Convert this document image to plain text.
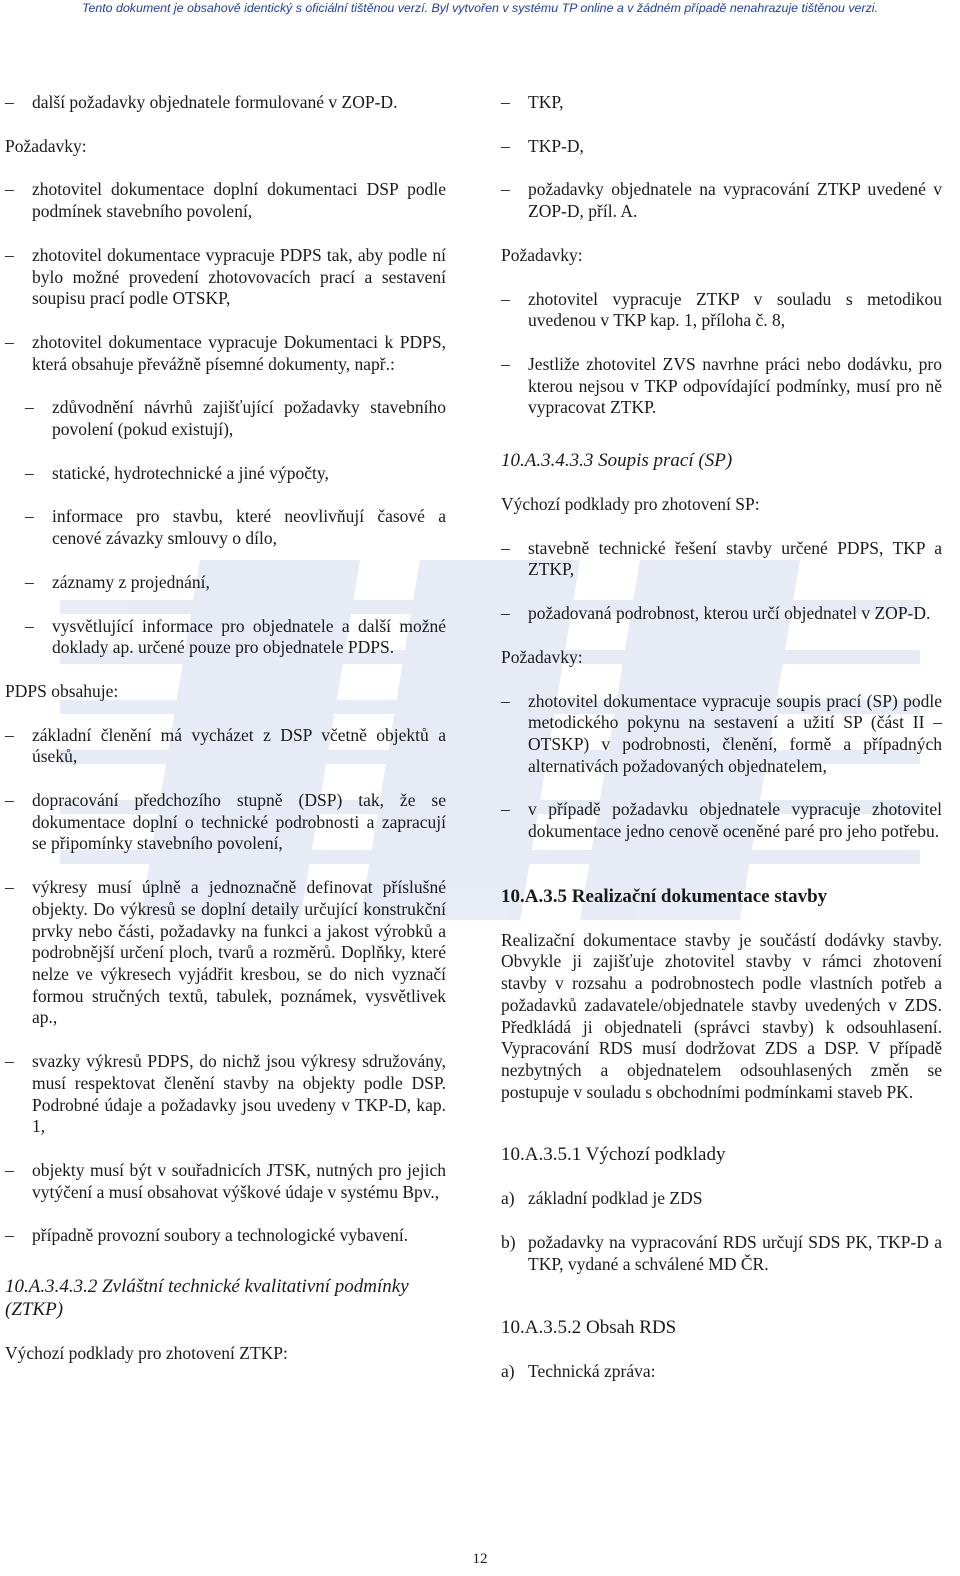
Tento dokument je obsahově identický s oficiální tištěnou verzí. Byl vytvořen v systému TP online a v žádném případě nenahrazuje tištěnou verzi.
– další požadavky objednatele formulované v ZOP-D.
Požadavky:
– zhotovitel dokumentace doplní dokumentaci DSP podle podmínek stavebního povolení,
– zhotovitel dokumentace vypracuje PDPS tak, aby podle ní bylo možné provedení zhotovovacích prací a sestavení soupisu prací podle OTSKP,
– zhotovitel dokumentace vypracuje Dokumentaci k PDPS, která obsahuje převážně písemné dokumenty, např.:
– zdůvodnění návrhů zajišťující požadavky stavebního povolení (pokud existují),
– statické, hydrotechnické a jiné výpočty,
– informace pro stavbu, které neovlivňují časové a cenové závazky smlouvy o dílo,
– záznamy z projednání,
– vysvětlující informace pro objednatele a další možné doklady ap. určené pouze pro objednatele PDPS.
PDPS obsahuje:
– základní členění má vycházet z DSP včetně objektů a úseků,
– dopracování předchozího stupně (DSP) tak, že se dokumentace doplní o technické podrobnosti a zapracují se připomínky stavebního povolení,
– výkresy musí úplně a jednoznačně definovat příslušné objekty. Do výkresů se doplní detaily určující konstrukční prvky nebo části, požadavky na funkci a jakost výrobků a podrobnější určení ploch, tvarů a rozměrů. Doplňky, které nelze ve výkresech vyjádřit kresbou, se do nich vyznačí formou stručných textů, tabulek, poznámek, vysvětlivek ap.,
– svazky výkresů PDPS, do nichž jsou výkresy sdružovány, musí respektovat členění stavby na objekty podle DSP. Podrobné údaje a požadavky jsou uvedeny v TKP-D, kap. 1,
– objekty musí být v souřadnicích JTSK, nutných pro jejich vytýčení a musí obsahovat výškové údaje v systému Bpv.,
– případně provozní soubory a technologické vybavení.
10.A.3.4.3.2 Zvláštní technické kvalitativní podmínky (ZTKP)
Výchozí podklady pro zhotovení ZTKP:
– TKP,
– TKP-D,
– požadavky objednatele na vypracování ZTKP uvedené v ZOP-D, příl. A.
Požadavky:
– zhotovitel vypracuje ZTKP v souladu s metodikou uvedenou v TKP kap. 1, příloha č. 8,
– Jestliže zhotovitel ZVS navrhne práci nebo dodávku, pro kterou nejsou v TKP odpovídající podmínky, musí pro ně vypracovat ZTKP.
10.A.3.4.3.3 Soupis prací (SP)
Výchozí podklady pro zhotovení SP:
– stavebně technické řešení stavby určené PDPS, TKP a ZTKP,
– požadovaná podrobnost, kterou určí objednatel v ZOP-D.
Požadavky:
– zhotovitel dokumentace vypracuje soupis prací (SP) podle metodického pokynu na sestavení a užití SP (část II – OTSKP) v podrobnosti, členění, formě a případných alternativách požadovaných objednatelem,
– v případě požadavku objednatele vypracuje zhotovitel dokumentace jedno cenově oceněné paré pro jeho potřebu.
10.A.3.5 Realizační dokumentace stavby
Realizační dokumentace stavby je součástí dodávky stavby. Obvykle ji zajišťuje zhotovitel stavby v rámci zhotovení stavby v rozsahu a podrobnostech podle vlastních potřeb a požadavků zadavatele/objednatele stavby uvedených v ZDS. Předkládá ji objednateli (správci stavby) k odsouhlasení. Vypracování RDS musí dodržovat ZDS a DSP. V případě nezbytných a objednatelem odsouhlasených změn se postupuje v souladu s obchodními podmínkami staveb PK.
10.A.3.5.1 Výchozí podklady
a) základní podklad je ZDS
b) požadavky na vypracování RDS určují SDS PK, TKP-D a TKP, vydané a schválené MD ČR.
10.A.3.5.2 Obsah RDS
a) Technická zpráva:
12
